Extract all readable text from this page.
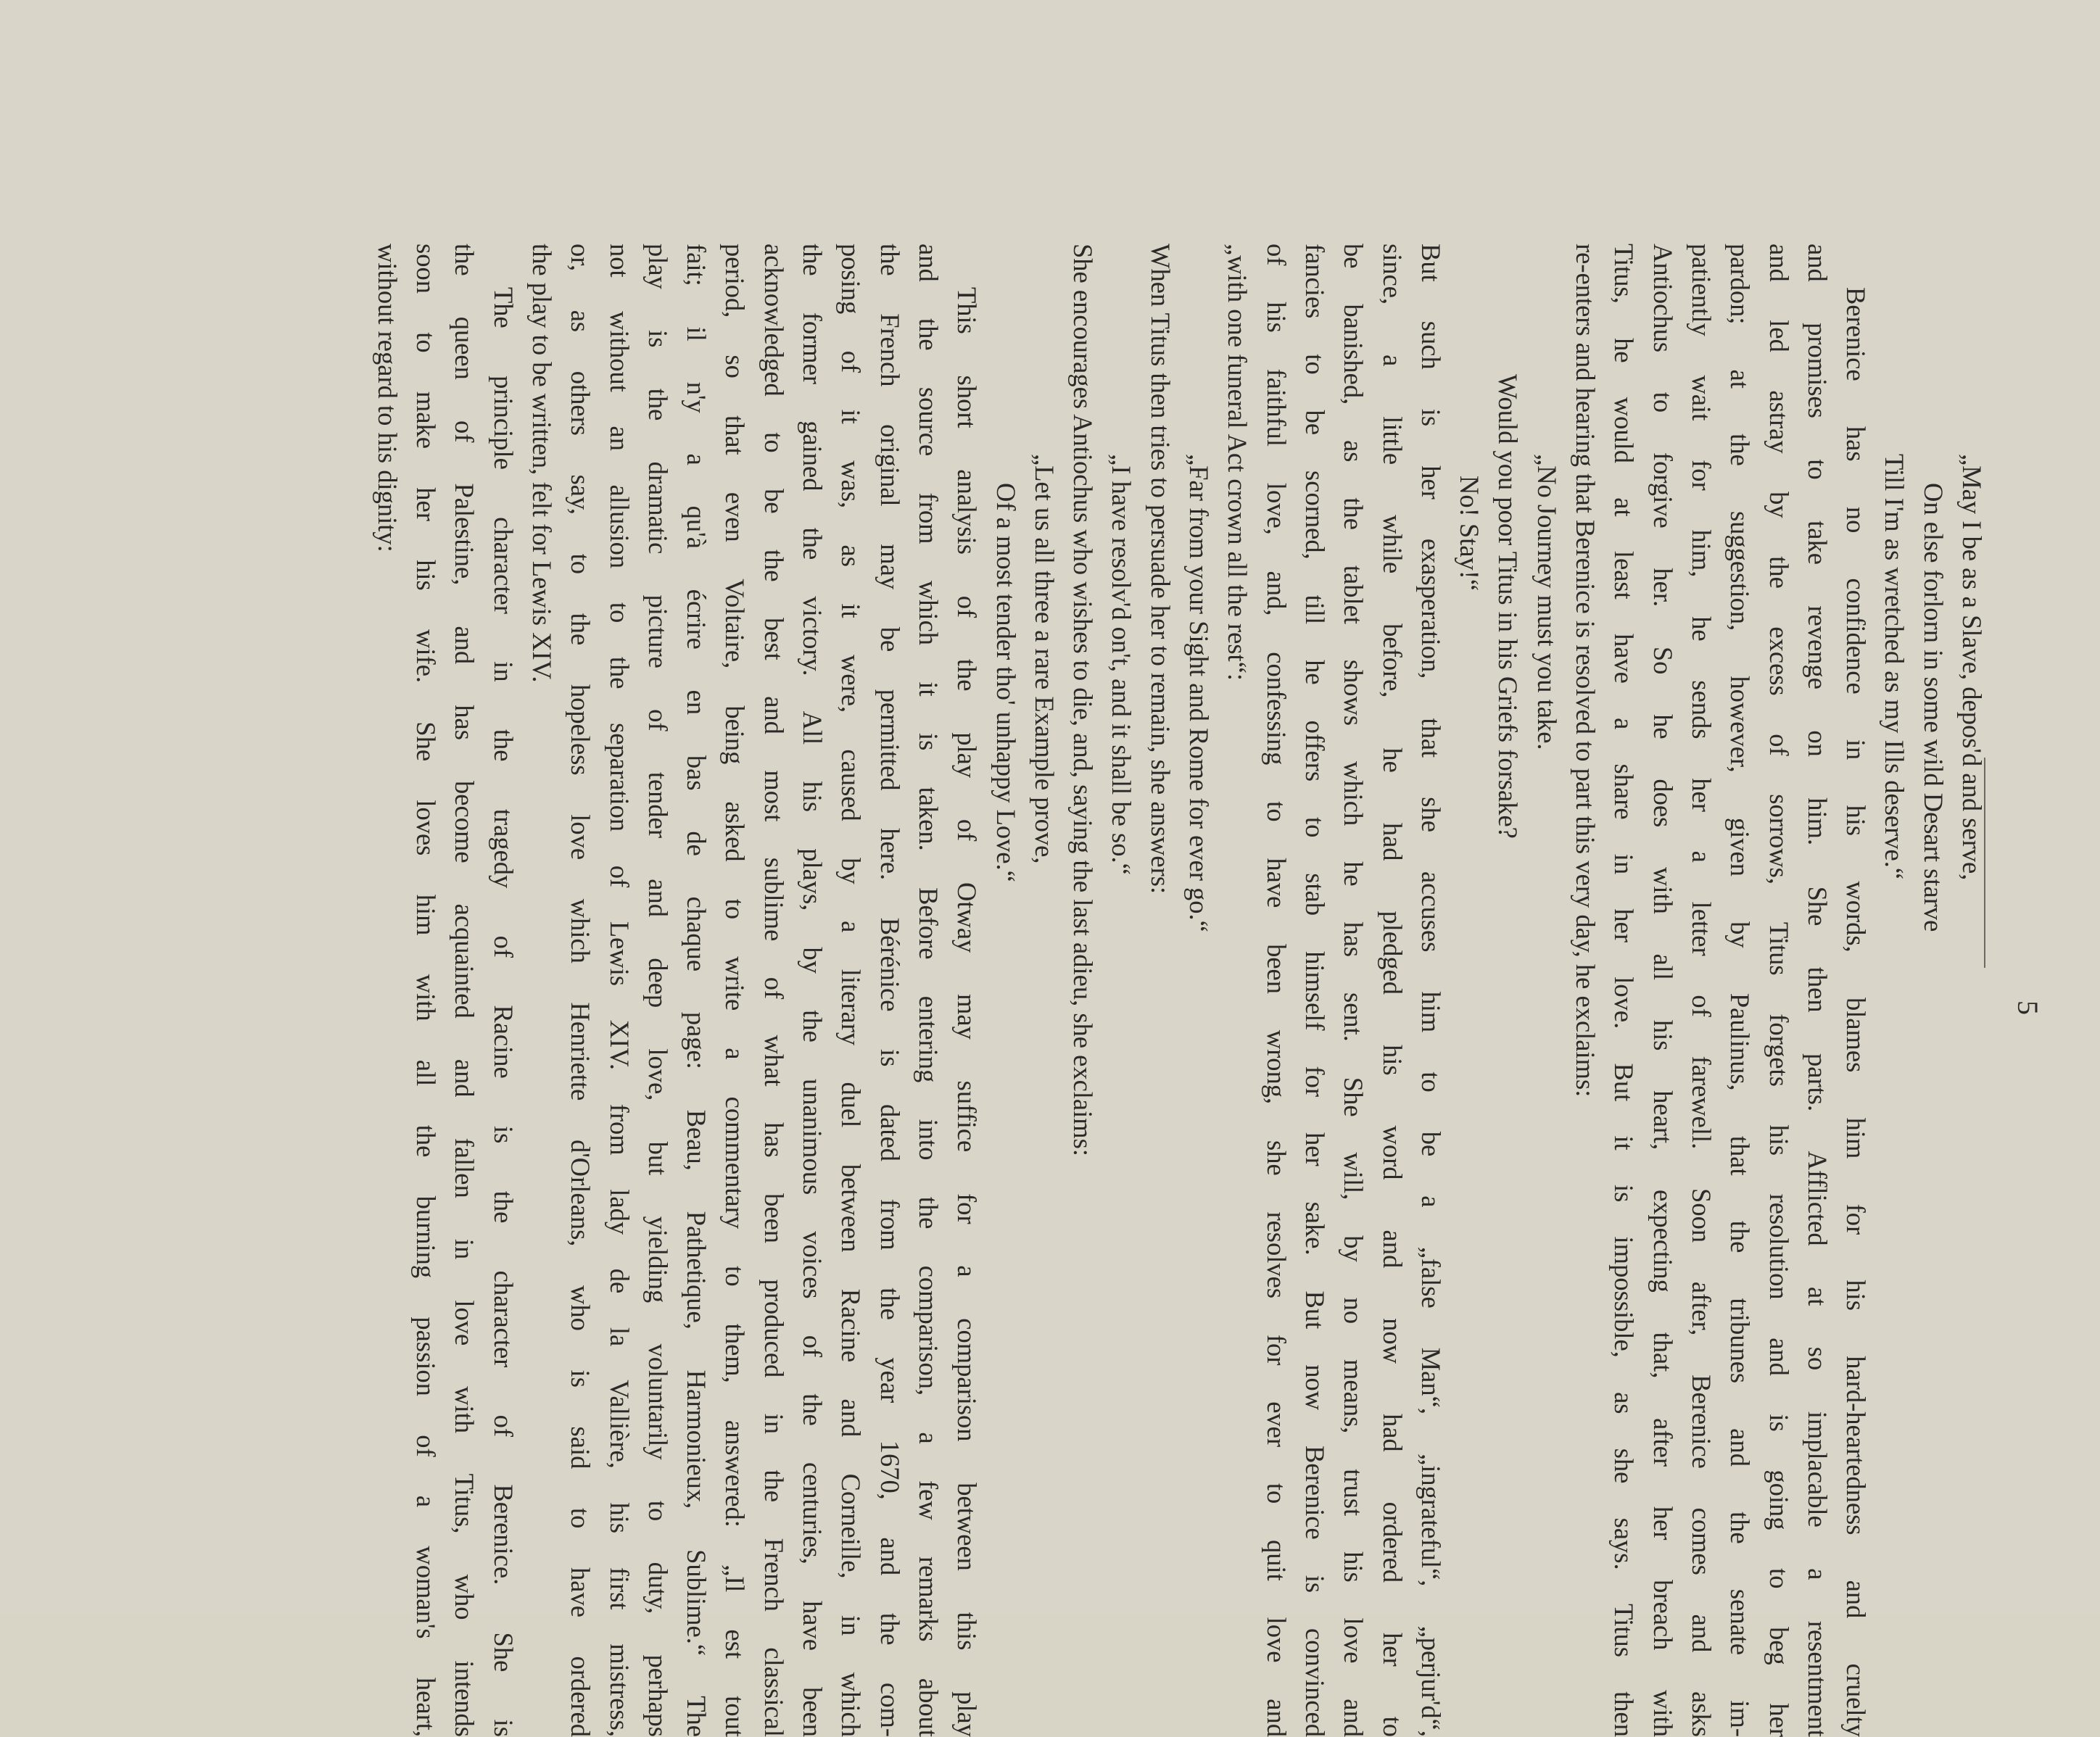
5
„May I be as a Slave, depos'd and serve,
On else forlorn in some wild Desart starve
Till I'm as wretched as my Ills deserve.“
Berenice has no confidence in his words, blames him for his hard-heartedness and cruelty
and promises to take revenge on him. She then parts. Afflicted at so implacable a resentment
and led astray by the excess of sorrows, Titus forgets his resolution and is going to beg her
pardon; at the suggestion, however, given by Paulinus, that the tribunes and the senate im-
patiently wait for him, he sends her a letter of farewell. Soon after, Berenice comes and asks
Antiochus to forgive her. So he does with all his heart, expecting that, after her breach with
Titus, he would at least have a share in her love. But it is impossible, as she says. Titus then
re-enters and hearing that Berenice is resolved to part this very day, he exclaims:
„No Journey must you take.
Would you poor Titus in his Griefs forsake?
No! Stay!“
But such is her exasperation, that she accuses him to be a „false Man“, „ingrateful“, „perjur'd“,
since, a little while before, he had pledged his word and now had ordered her to
be banished, as the tablet shows which he has sent. She will, by no means, trust his love and
fancies to be scorned, till he offers to stab himself for her sake. But now Berenice is convinced
of his faithful love, and, confessing to have been wrong, she resolves for ever to quit love and
„with one funeral Act crown all the rest“:
„Far from your Sight and Rome for ever go.“
When Titus then tries to persuade her to remain, she answers:
„I have resolv'd on't, and it shall be so.“
She encourages Antiochus who wishes to die, and, saying the last adieu, she exclaims:
„Let us all three a rare Example prove,
Of a most tender tho' unhappy Love.“
This short analysis of the play of Otway may suffice for a comparison between this play
and the source from which it is taken. Before entering into the comparison, a few remarks about
the French original may be permitted here. Bérénice is dated from the year 1670, and the com-
posing of it was, as it were, caused by a literary duel between Racine and Corneille, in which
the former gained the victory. All his plays, by the unanimous voices of the centuries, have been
acknowledged to be the best and most sublime of what has been produced in the French classical
period, so that even Voltaire, being asked to write a commentary to them, answered: „Il est tout
fait; il n'y a qu'à écrire en bas de chaque page: Beau, Pathetique, Harmonieux, Sublime.“ The
play is the dramatic picture of tender and deep love, but yielding voluntarily to duty, perhaps
not without an allusion to the separation of Lewis XIV. from lady de la Vallière, his first mistress,
or, as others say, to the hopeless love which Henriette d'Orleans, who is said to have ordered
the play to be written, felt for Lewis XIV.
The principle character in the tragedy of Racine is the character of Berenice. She is
the queen of Palestine, and has become acquainted and fallen in love with Titus, who intends
soon to make her his wife. She loves him with all the burning passion of a woman's heart,
without regard to his dignity:
